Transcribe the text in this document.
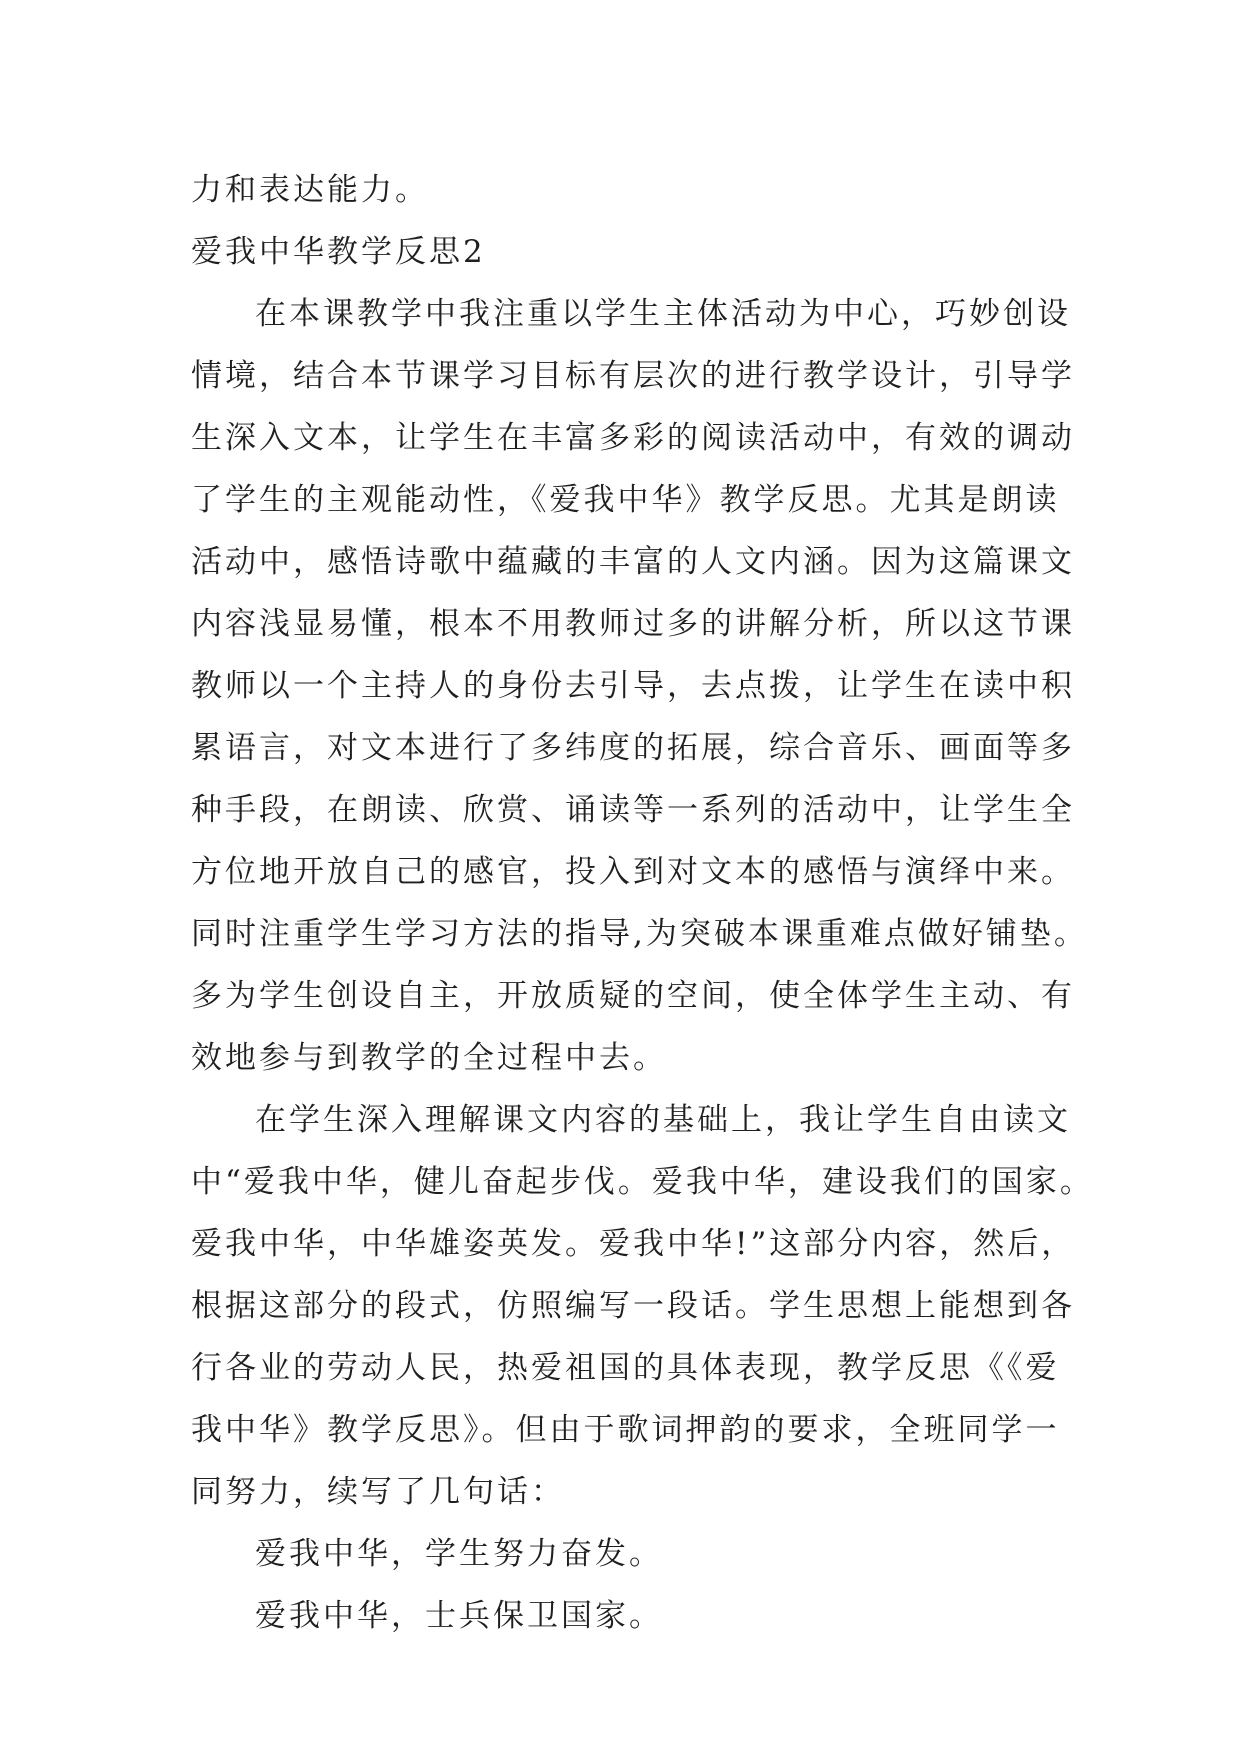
力和表达能力。
爱我中华教学反思2
在本课教学中我注重以学生主体活动为中心，巧妙创设
情境，结合本节课学习目标有层次的进行教学设计，引导学
生深入文本，让学生在丰富多彩的阅读活动中，有效的调动
了学生的主观能动性，《爱我中华》教学反思。尤其是朗读
活动中，感悟诗歌中蕴藏的丰富的人文内涵。因为这篇课文
内容浅显易懂，根本不用教师过多的讲解分析，所以这节课
教师以一个主持人的身份去引导，去点拨，让学生在读中积
累语言，对文本进行了多纬度的拓展，综合音乐、画面等多
种手段，在朗读、欣赏、诵读等一系列的活动中，让学生全
方位地开放自己的感官，投入到对文本的感悟与演绎中来。
同时注重学生学习方法的指导,为突破本课重难点做好铺垫。
多为学生创设自主，开放质疑的空间，使全体学生主动、有
效地参与到教学的全过程中去。
在学生深入理解课文内容的基础上，我让学生自由读文
中“爱我中华，健儿奋起步伐。爱我中华，建设我们的国家。
爱我中华，中华雄姿英发。爱我中华!”这部分内容，然后，
根据这部分的段式，仿照编写一段话。学生思想上能想到各
行各业的劳动人民，热爱祖国的具体表现，教学反思《《爱
我中华》教学反思》。但由于歌词押韵的要求，全班同学一
同努力，续写了几句话：
爱我中华，学生努力奋发。
爱我中华，士兵保卫国家。
